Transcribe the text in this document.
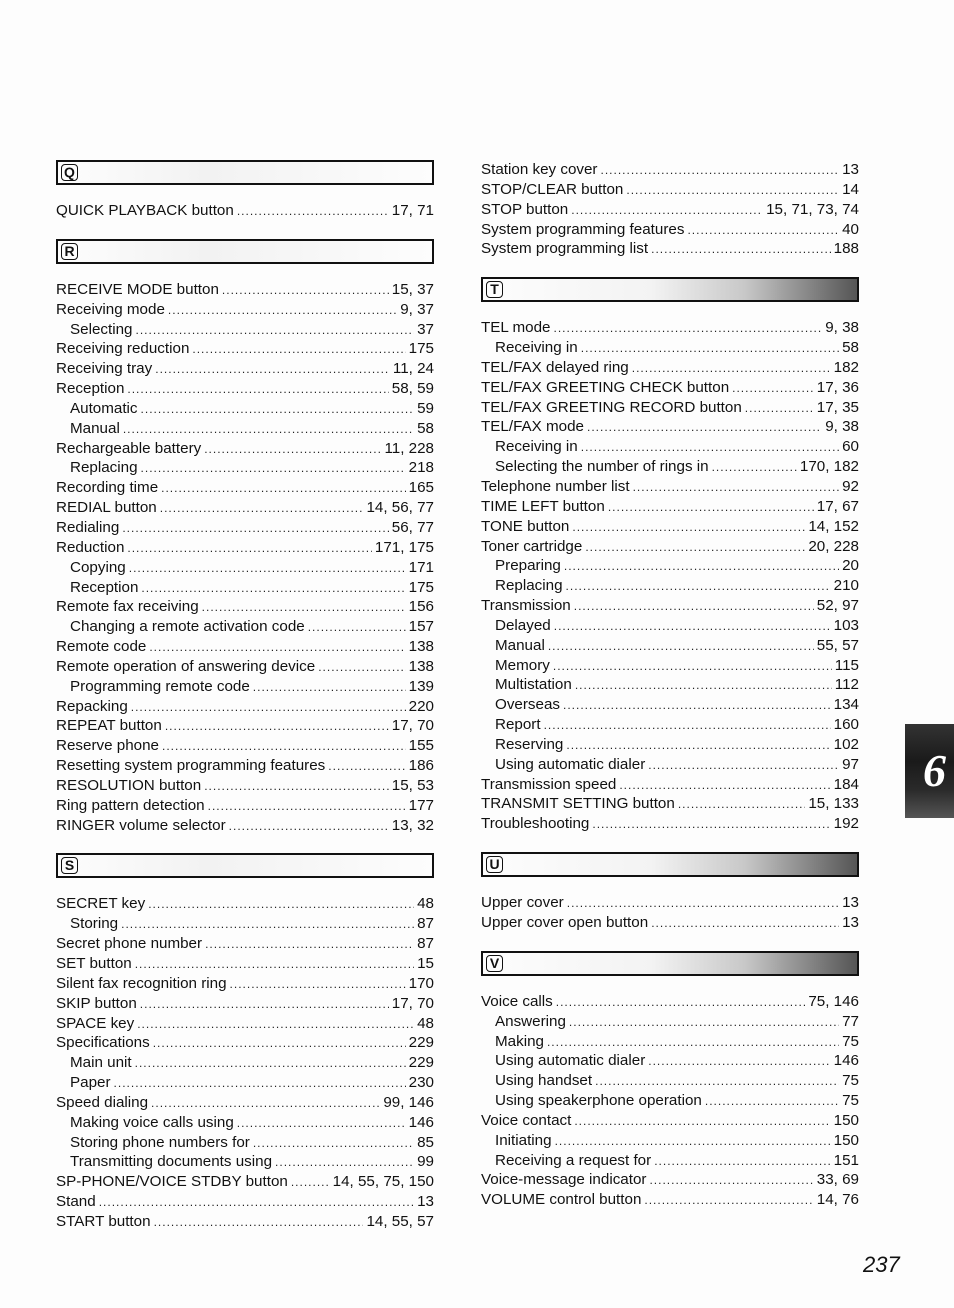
Q
QUICK PLAYBACK button .....	17, 71
R
RECEIVE MODE button .....	15, 37
Receiving mode .....	9, 37
Selecting .....	37
Receiving reduction .....	175
Receiving tray .....	11, 24
Reception .....	58, 59
Automatic .....	59
Manual .....	58
Rechargeable battery .....	11, 228
Replacing .....	218
Recording time .....	165
REDIAL button .....	14, 56, 77
Redialing .....	56, 77
Reduction .....	171, 175
Copying .....	171
Reception .....	175
Remote fax receiving .....	156
Changing a remote activation code .....	157
Remote code .....	138
Remote operation of answering device .....	138
Programming remote code .....	139
Repacking .....	220
REPEAT button .....	17, 70
Reserve phone .....	155
Resetting system programming features .....	186
RESOLUTION button .....	15, 53
Ring pattern detection .....	177
RINGER volume selector .....	13, 32
S
SECRET key .....	48
Storing .....	87
Secret phone number .....	87
SET button .....	15
Silent fax recognition ring .....	170
SKIP button .....	17, 70
SPACE key .....	48
Specifications .....	229
Main unit .....	229
Paper .....	230
Speed dialing .....	99, 146
Making voice calls using .....	146
Storing phone numbers for .....	85
Transmitting documents using .....	99
SP-PHONE/VOICE STDBY button .....	14, 55, 75, 150
Stand .....	13
START button .....	14, 55, 57
Station key cover .....	13
STOP/CLEAR button .....	14
STOP button .....	15, 71, 73, 74
System programming features .....	40
System programming list .....	188
T
TEL mode .....	9, 38
Receiving in .....	58
TEL/FAX delayed ring .....	182
TEL/FAX GREETING CHECK button .....	17, 36
TEL/FAX GREETING RECORD button .....	17, 35
TEL/FAX mode .....	9, 38
Receiving in .....	60
Selecting the number of rings in .....	170, 182
Telephone number list .....	92
TIME LEFT button .....	17, 67
TONE button .....	14, 152
Toner cartridge .....	20, 228
Preparing .....	20
Replacing .....	210
Transmission .....	52, 97
Delayed .....	103
Manual .....	55, 57
Memory .....	115
Multistation .....	112
Overseas .....	134
Report .....	160
Reserving .....	102
Using automatic dialer .....	97
Transmission speed .....	184
TRANSMIT SETTING button .....	15, 133
Troubleshooting .....	192
U
Upper cover .....	13
Upper cover open button .....	13
V
Voice calls .....	75, 146
Answering .....	77
Making .....	75
Using automatic dialer .....	146
Using handset .....	75
Using speakerphone operation .....	75
Voice contact .....	150
Initiating .....	150
Receiving a request for .....	151
Voice-message indicator .....	33, 69
VOLUME control button .....	14, 76
6
237
